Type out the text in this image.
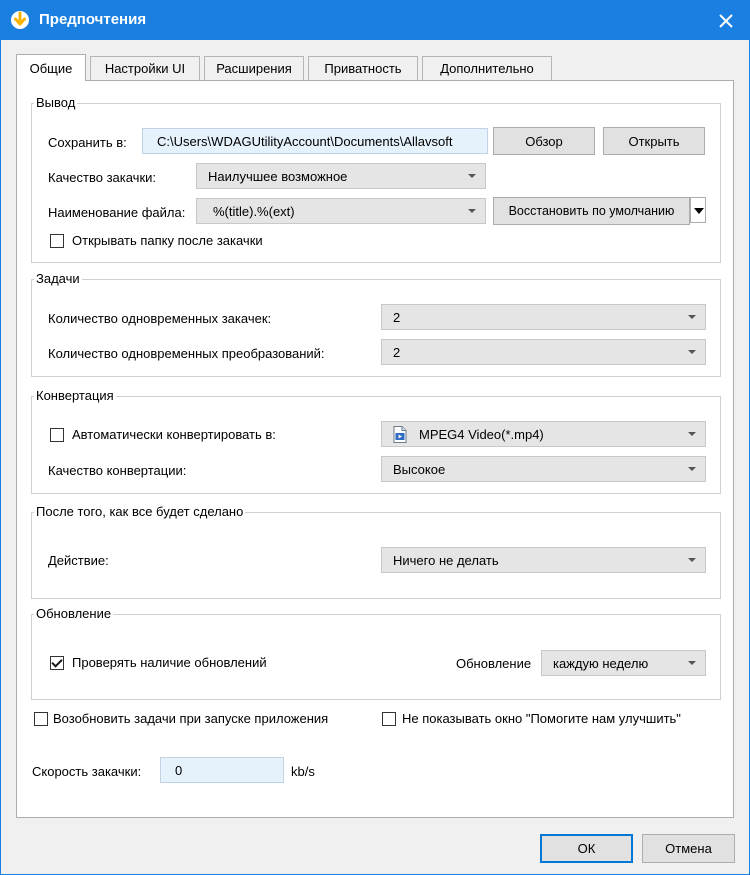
Предпочтения
Общие Настройки UI Расширения	Приватность	Дополнительно
Вывод
Сохранить в:	C:\Users\WDAGUtilityAccount\Documents\Allavsoft	Обзор	Открыть
Качество закачки:	Наилучшее возможное
Наименование файла: %(title).%(ext)	Восстановить по умолчанию
Открывать папку после закачки
Задачи
Количество одновременных закачек:	2
Количество одновременных преобразований:	2
Конвертация
Автоматически конвертировать в:	MPEG4 Video(*.mp4)
Качество конвертации:	Высокое
После того, как все будет сделано
Действие:	Ничего не делать
Обновление
Проверять наличие обновлений	Обновление каждую неделю
Возобновить задачи при запуске приложения	Не показывать окно "Помогите нам улучшить"
Скорость закачки:	0	kb/s
ОК	Отмена
